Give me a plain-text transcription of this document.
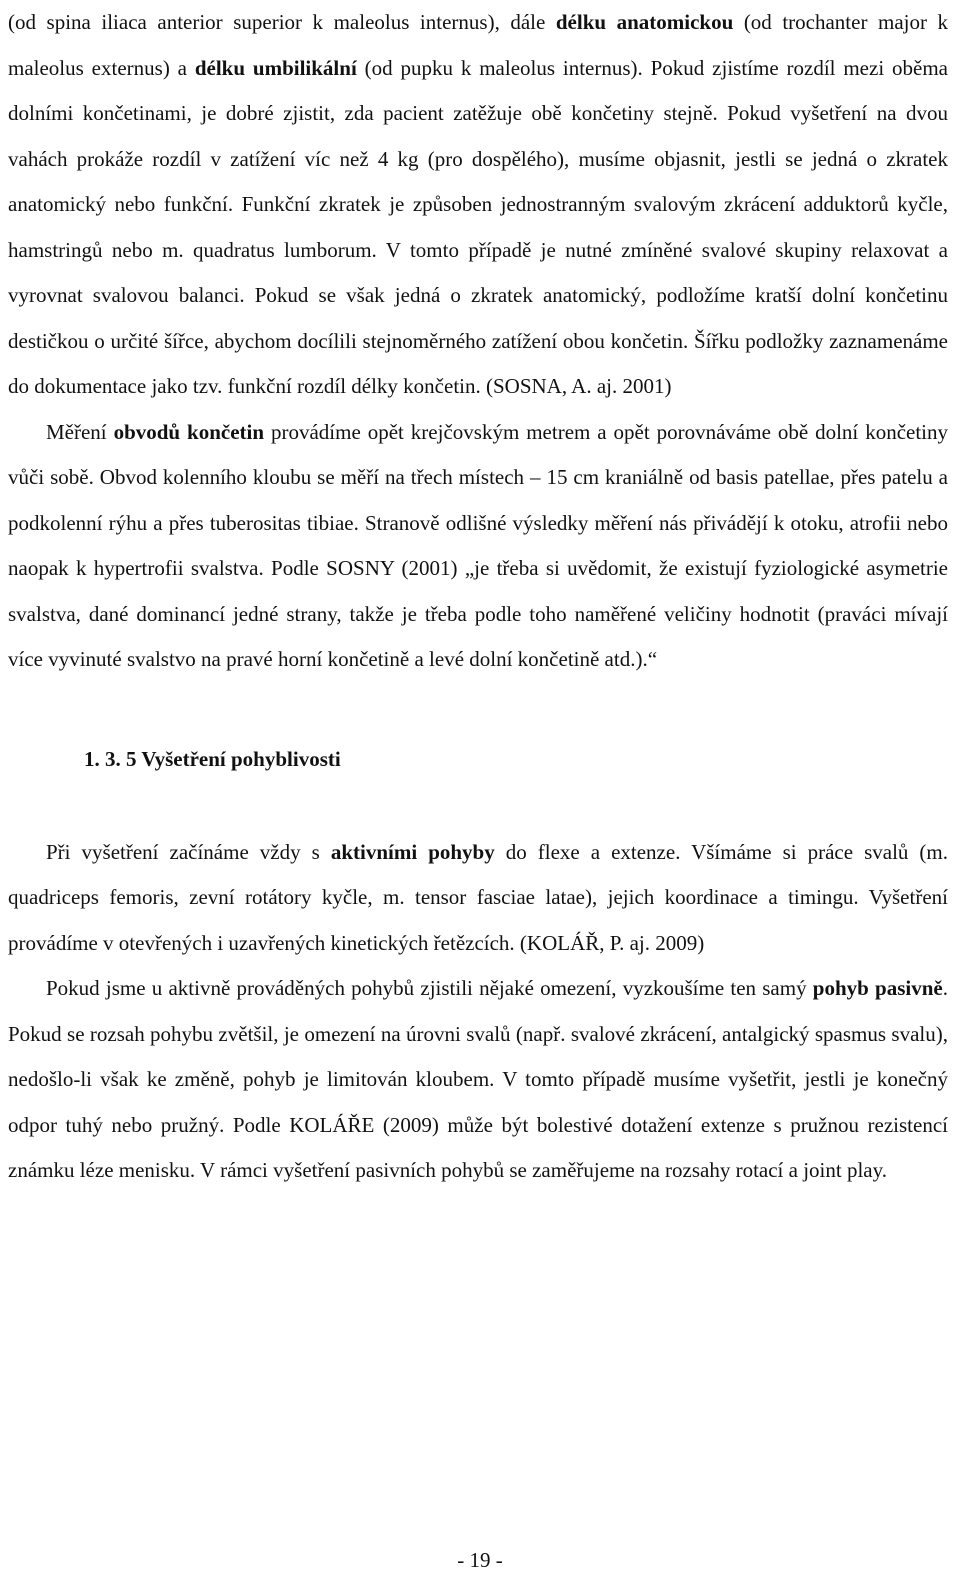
(od spina iliaca anterior superior k maleolus internus), dále délku anatomickou (od trochanter major k maleolus externus) a délku umbilikální (od pupku k maleolus internus). Pokud zjistíme rozdíl mezi oběma dolními končetinami, je dobré zjistit, zda pacient zatěžuje obě končetiny stejně. Pokud vyšetření na dvou vahách prokáže rozdíl v zatížení víc než 4 kg (pro dospělého), musíme objasnit, jestli se jedná o zkratek anatomický nebo funkční. Funkční zkratek je způsoben jednostranným svalovým zkrácení adduktorů kyčle, hamstringů nebo m. quadratus lumborum. V tomto případě je nutné zmíněné svalové skupiny relaxovat a vyrovnat svalovou balanci. Pokud se však jedná o zkratek anatomický, podložíme kratší dolní končetinu destičkou o určité šířce, abychom docílili stejnoměrného zatížení obou končetin. Šířku podložky zaznamenáme do dokumentace jako tzv. funkční rozdíl délky končetin. (SOSNA, A. aj. 2001)

Měření obvodů končetin provádíme opět krejčovským metrem a opět porovnáváme obě dolní končetiny vůči sobě. Obvod kolenního kloubu se měří na třech místech – 15 cm kraniálně od basis patellae, přes patelu a podkolenní rýhu a přes tuberositas tibiae. Stranově odlišné výsledky měření nás přivádějí k otoku, atrofii nebo naopak k hypertrofii svalstva. Podle SOSNY (2001) „je třeba si uvědomit, že existují fyziologické asymetrie svalstva, dané dominancí jedné strany, takže je třeba podle toho naměřené veličiny hodnotit (praváci mívají více vyvinuté svalstvo na pravé horní končetině a levé dolní končetině atd.).“

1. 3. 5 Vyšetření pohyblivosti

Při vyšetření začínáme vždy s aktivními pohyby do flexe a extenze. Všímáme si práce svalů (m. quadriceps femoris, zevní rotátory kyčle, m. tensor fasciae latae), jejich koordinace a timingu. Vyšetření provádíme v otevřených i uzavřených kinetických řetězcích. (KOLÁŘ, P. aj. 2009)

Pokud jsme u aktivně prováděných pohybů zjistili nějaké omezení, vyzkoušíme ten samý pohyb pasivně. Pokud se rozsah pohybu zvětšil, je omezení na úrovni svalů (např. svalové zkrácení, antalgický spasmus svalu), nedošlo-li však ke změně, pohyb je limitován kloubem. V tomto případě musíme vyšetřit, jestli je konečný odpor tuhý nebo pružný. Podle KOLÁŘE (2009) může být bolestivé dotažení extenze s pružnou rezistencí známku léze menisku. V rámci vyšetření pasivních pohybů se zaměřujeme na rozsahy rotací a joint play.

- 19 -
